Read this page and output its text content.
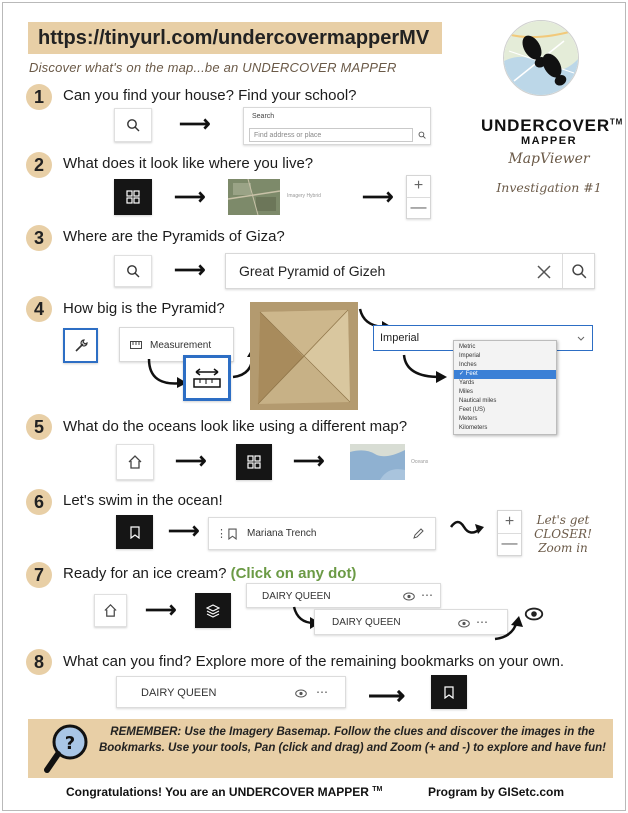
https://tinyurl.com/undercovermapperMV
Discover what's on the map...be an UNDERCOVER MAPPER
UNDERCOVER™
MAPPER
MapViewer
Investigation #1
1	Can you find your house? Find your school?
⟶	Search
Find address or place
2	What does it look like where you live?
⟶	Imagery Hybrid ⟶	+
—
3	Where are the Pyramids of Giza?
⟶ Great Pyramid of Gizeh
4	How big is the Pyramid?
Measurement
Imperial
Metric
Imperial
Inches
✓ Feet
Yards
Miles
Nautical miles
Feet (US)
Meters
Kilometers
5	What do the oceans look like using a different map?
⟶	⟶	Oceans
6	Let's swim in the ocean!
⟶ ⋮ Mariana Trench
+
—
Let's get CLOSER! Zoom in
7	Ready for an ice cream? (Click on any dot)
⟶
DAIRY QUEEN	⋯
DAIRY QUEEN	⋯
8	What can you find? Explore more of the remaining bookmarks on your own.
DAIRY QUEEN	⋯ ⟶
?
REMEMBER: Use the Imagery Basemap. Follow the clues and discover the images in the Bookmarks. Use your tools, Pan (click and drag) and Zoom (+ and -) to explore and have fun!
Congratulations! You are an UNDERCOVER MAPPER ™	Program by GISetc.com
